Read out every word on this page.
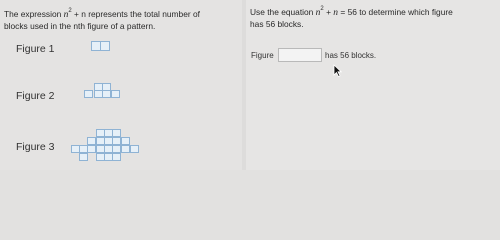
The expression $n^2 + n$ represents the total number of
blocks used in the nth figure of a pattern.

Figure 1
Figure 2
Figure 3

Use the equation $n^2 + n = 56$ to determine which figure
has 56 blocks.

Figure	has 56 blocks.
